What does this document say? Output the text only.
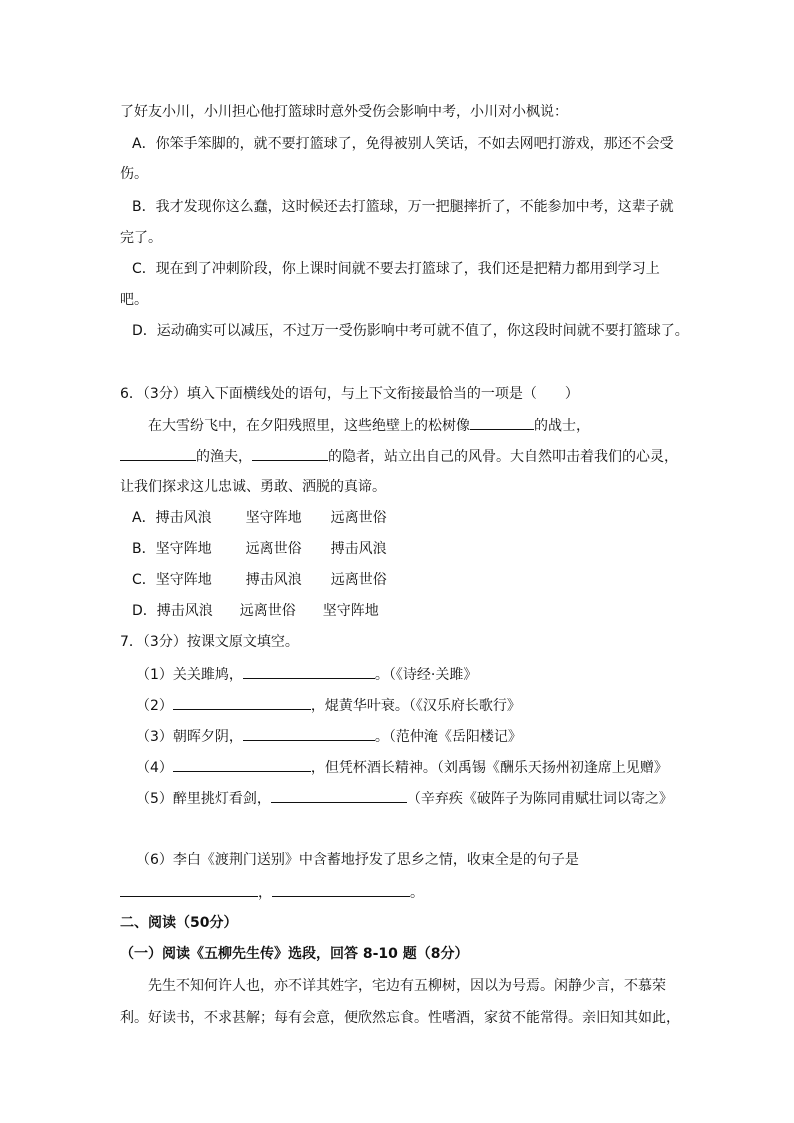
了好友小川，小川担心他打篮球时意外受伤会影响中考，小川对小枫说：
A．你笨手笨脚的，就不要打篮球了，免得被别人笑话，不如去网吧打游戏，那还不会受
伤。
B．我才发现你这么蠢，这时候还去打篮球，万一把腿摔折了，不能参加中考，这辈子就
完了。
C．现在到了冲刺阶段，你上课时间就不要去打篮球了，我们还是把精力都用到学习上
吧。
D．运动确实可以减压，不过万一受伤影响中考可就不值了，你这段时间就不要打篮球了。
6．（3分）填入下面横线处的语句，与上下文衔接最恰当的一项是（　　）
在大雪纷飞中，在夕阳残照里，这些绝壁上的松树像	的战士，
的渔夫，	的隐者，站立出自己的风骨。大自然叩击着我们的心灵，
让我们探求这儿忠诚、勇敢、洒脱的真谛。
A．搏击风浪 坚守阵地 远离世俗
B．坚守阵地 远离世俗 搏击风浪
C．坚守阵地 搏击风浪 远离世俗
D．搏击风浪 远离世俗 坚守阵地
7．（3分）按课文原文填空。
（1）关关雎鸠，	。（《诗经·关雎》
（2）	，焜黄华叶衰。（《汉乐府长歌行》
（3）朝晖夕阴，	。（范仲淹《岳阳楼记》
（4）	，但凭杯酒长精神。（刘禹锡《酬乐天扬州初逢席上见赠》
（5）醉里挑灯看剑，	（辛弃疾《破阵子为陈同甫赋壮词以寄之》
（6）李白《渡荆门送别》中含蓄地抒发了思乡之情，收束全是的句子是
，	。
二、阅读（50分）
（一）阅读《五柳先生传》选段，回答 8-10 题（8分）
先生不知何许人也，亦不详其姓字，宅边有五柳树，因以为号焉。闲静少言，不慕荣
利。好读书，不求甚解；每有会意，便欣然忘食。性嗜酒，家贫不能常得。亲旧知其如此，
